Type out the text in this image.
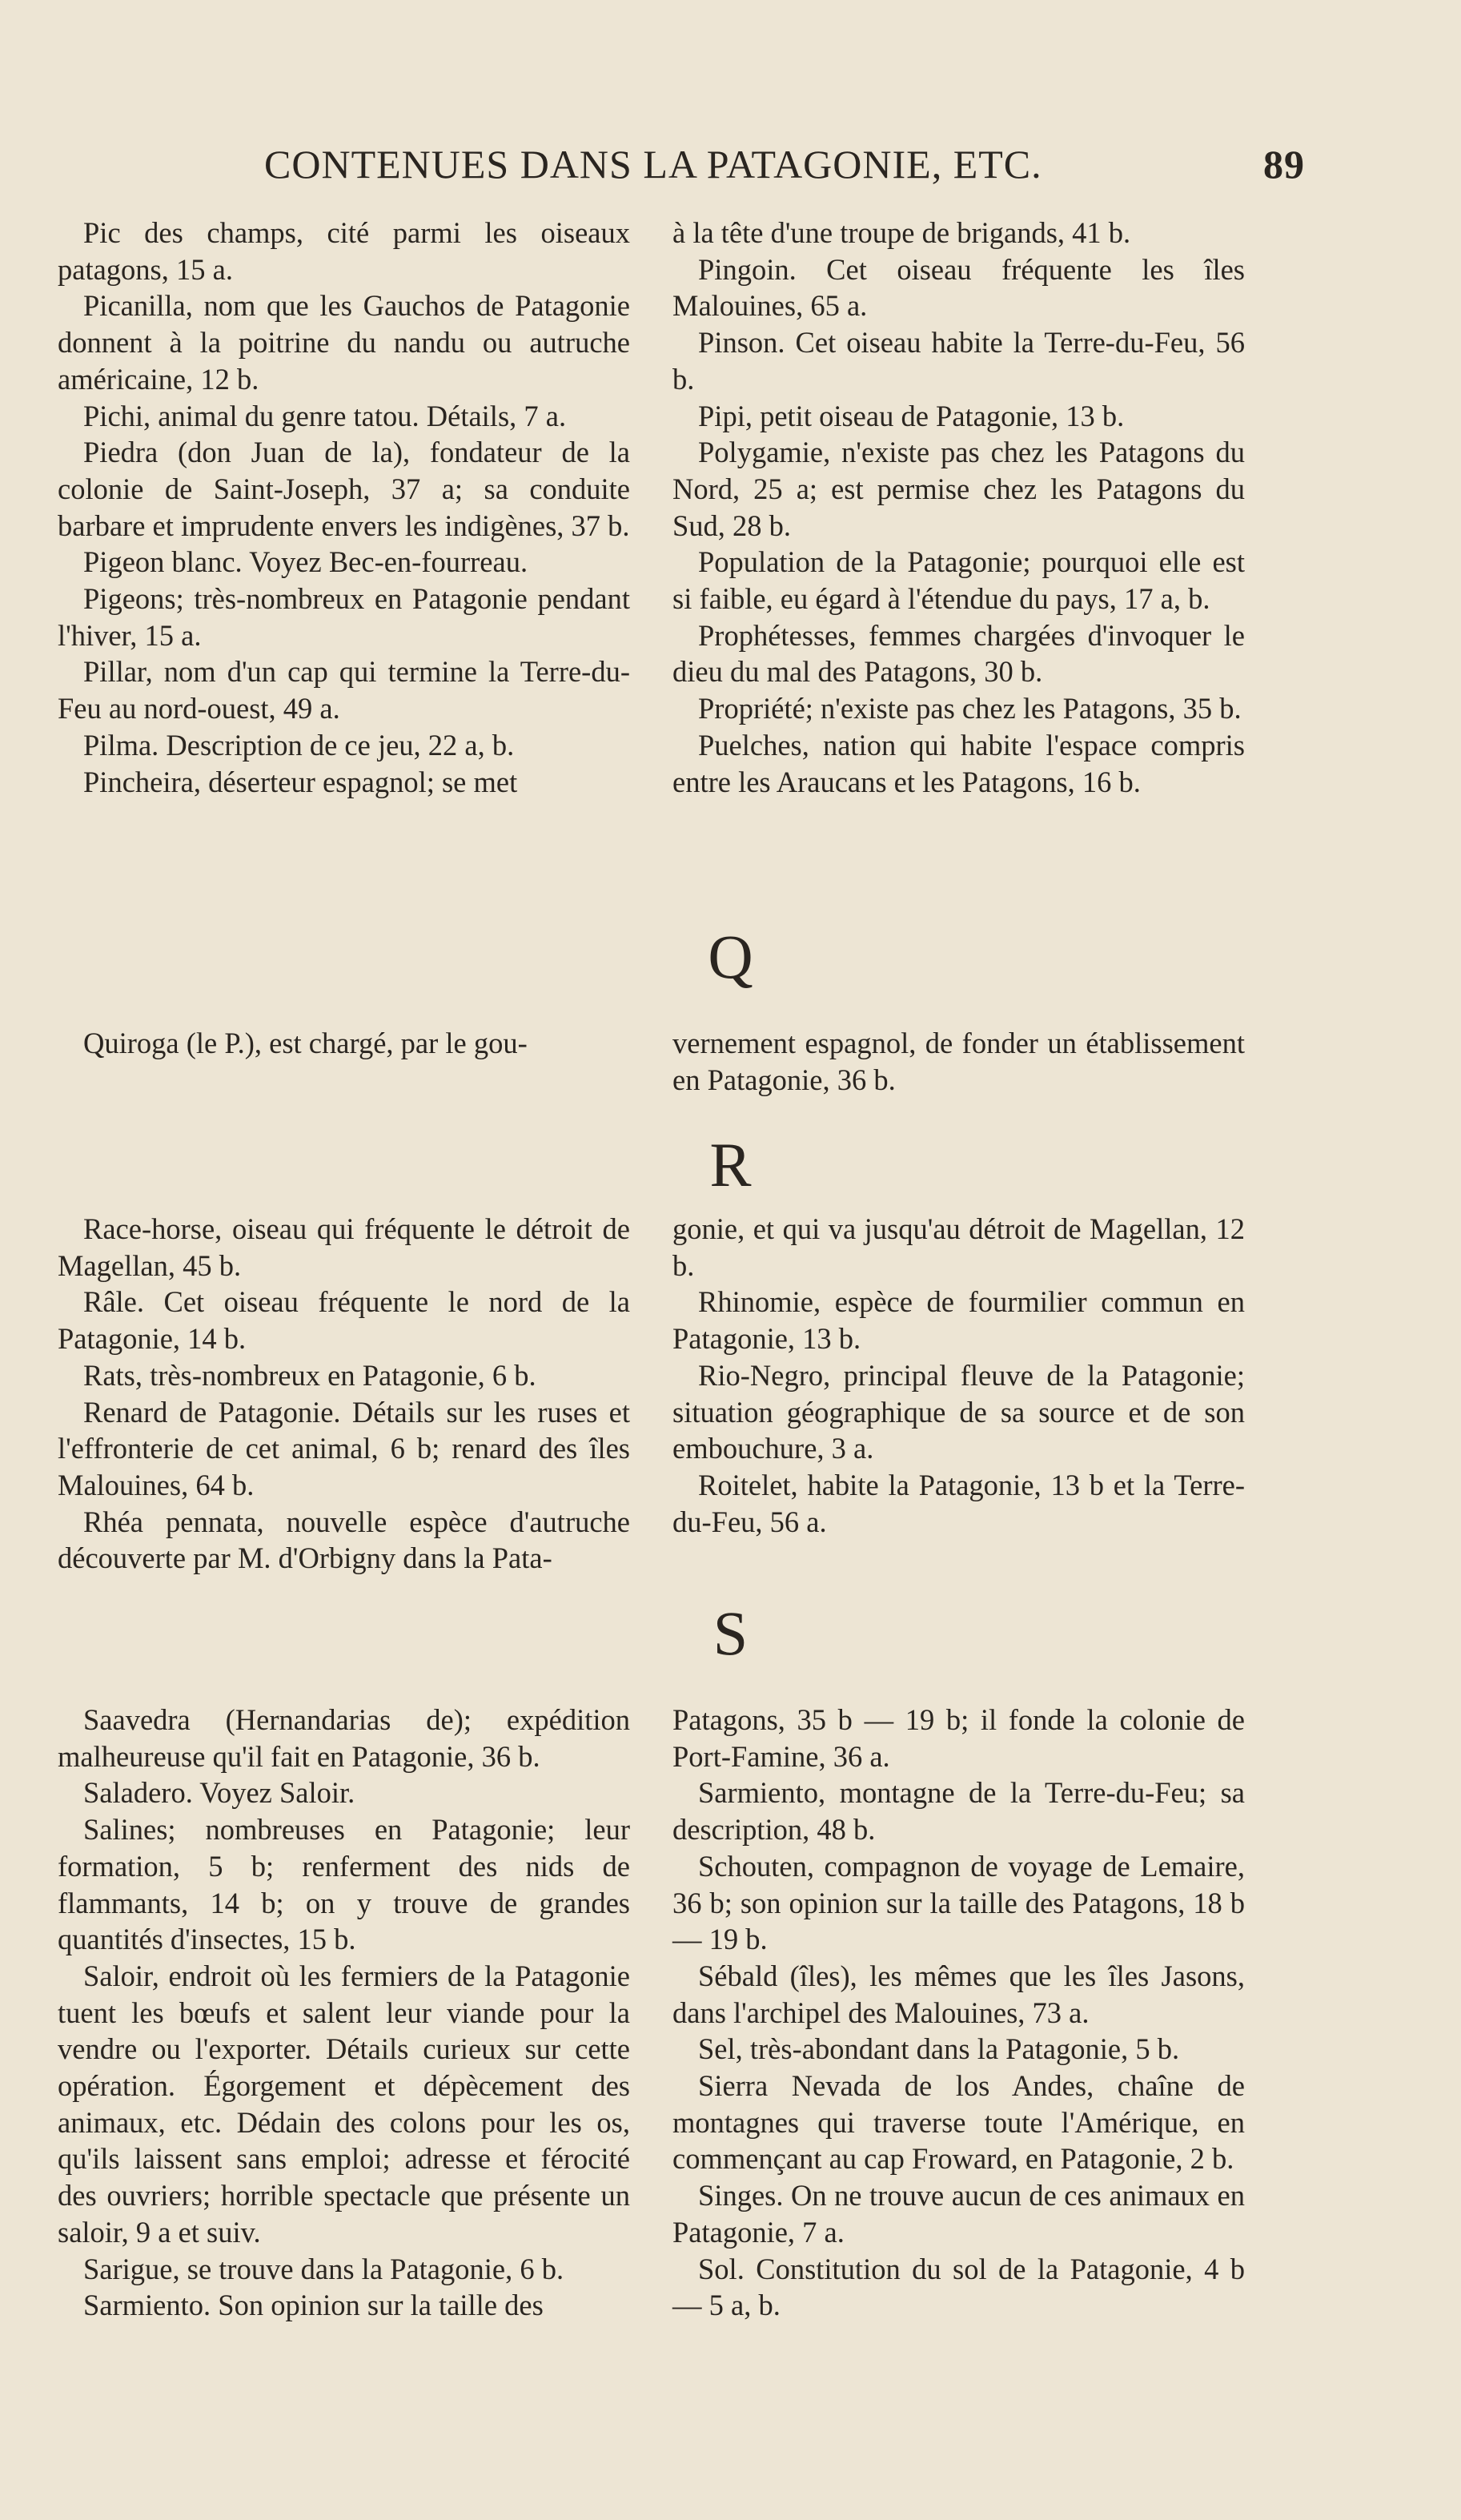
CONTENUES DANS LA PATAGONIE, ETC.	89
Pic des champs, cité parmi les oiseaux patagons, 15 a.
Picanilla, nom que les Gauchos de Patagonie donnent à la poitrine du nandu ou autruche américaine, 12 b.
Pichi, animal du genre tatou. Détails, 7 a.
Piedra (don Juan de la), fondateur de la colonie de Saint-Joseph, 37 a; sa conduite barbare et imprudente envers les indigènes, 37 b.
Pigeon blanc. Voyez Bec-en-fourreau.
Pigeons; très-nombreux en Patagonie pendant l'hiver, 15 a.
Pillar, nom d'un cap qui termine la Terre-du-Feu au nord-ouest, 49 a.
Pilma. Description de ce jeu, 22 a, b.
Pincheira, déserteur espagnol; se met
à la tête d'une troupe de brigands, 41 b.
Pingoin. Cet oiseau fréquente les îles Malouines, 65 a.
Pinson. Cet oiseau habite la Terre-du-Feu, 56 b.
Pipi, petit oiseau de Patagonie, 13 b.
Polygamie, n'existe pas chez les Patagons du Nord, 25 a; est permise chez les Patagons du Sud, 28 b.
Population de la Patagonie; pourquoi elle est si faible, eu égard à l'étendue du pays, 17 a, b.
Prophétesses, femmes chargées d'invoquer le dieu du mal des Patagons, 30 b.
Propriété; n'existe pas chez les Patagons, 35 b.
Puelches, nation qui habite l'espace compris entre les Araucans et les Patagons, 16 b.
Q
Quiroga (le P.), est chargé, par le gou-	vernement espagnol, de fonder un établissement en Patagonie, 36 b.
R
Race-horse, oiseau qui fréquente le détroit de Magellan, 45 b.
Râle. Cet oiseau fréquente le nord de la Patagonie, 14 b.
Rats, très-nombreux en Patagonie, 6 b.
Renard de Patagonie. Détails sur les ruses et l'effronterie de cet animal, 6 b; renard des îles Malouines, 64 b.
Rhéa pennata, nouvelle espèce d'autruche découverte par M. d'Orbigny dans la Pata-
gonie, et qui va jusqu'au détroit de Magellan, 12 b.
Rhinomie, espèce de fourmilier commun en Patagonie, 13 b.
Rio-Negro, principal fleuve de la Patagonie; situation géographique de sa source et de son embouchure, 3 a.
Roitelet, habite la Patagonie, 13 b et la Terre-du-Feu, 56 a.
S
Saavedra (Hernandarias de); expédition malheureuse qu'il fait en Patagonie, 36 b.
Saladero. Voyez Saloir.
Salines; nombreuses en Patagonie; leur formation, 5 b; renferment des nids de flammants, 14 b; on y trouve de grandes quantités d'insectes, 15 b.
Saloir, endroit où les fermiers de la Patagonie tuent les bœufs et salent leur viande pour la vendre ou l'exporter. Détails curieux sur cette opération. Égorgement et dépècement des animaux, etc. Dédain des colons pour les os, qu'ils laissent sans emploi; adresse et férocité des ouvriers; horrible spectacle que présente un saloir, 9 a et suiv.
Sarigue, se trouve dans la Patagonie, 6 b.
Sarmiento. Son opinion sur la taille des
Patagons, 35 b — 19 b; il fonde la colonie de Port-Famine, 36 a.
Sarmiento, montagne de la Terre-du-Feu; sa description, 48 b.
Schouten, compagnon de voyage de Lemaire, 36 b; son opinion sur la taille des Patagons, 18 b — 19 b.
Sébald (îles), les mêmes que les îles Jasons, dans l'archipel des Malouines, 73 a.
Sel, très-abondant dans la Patagonie, 5 b.
Sierra Nevada de los Andes, chaîne de montagnes qui traverse toute l'Amérique, en commençant au cap Froward, en Patagonie, 2 b.
Singes. On ne trouve aucun de ces animaux en Patagonie, 7 a.
Sol. Constitution du sol de la Patagonie, 4 b — 5 a, b.
